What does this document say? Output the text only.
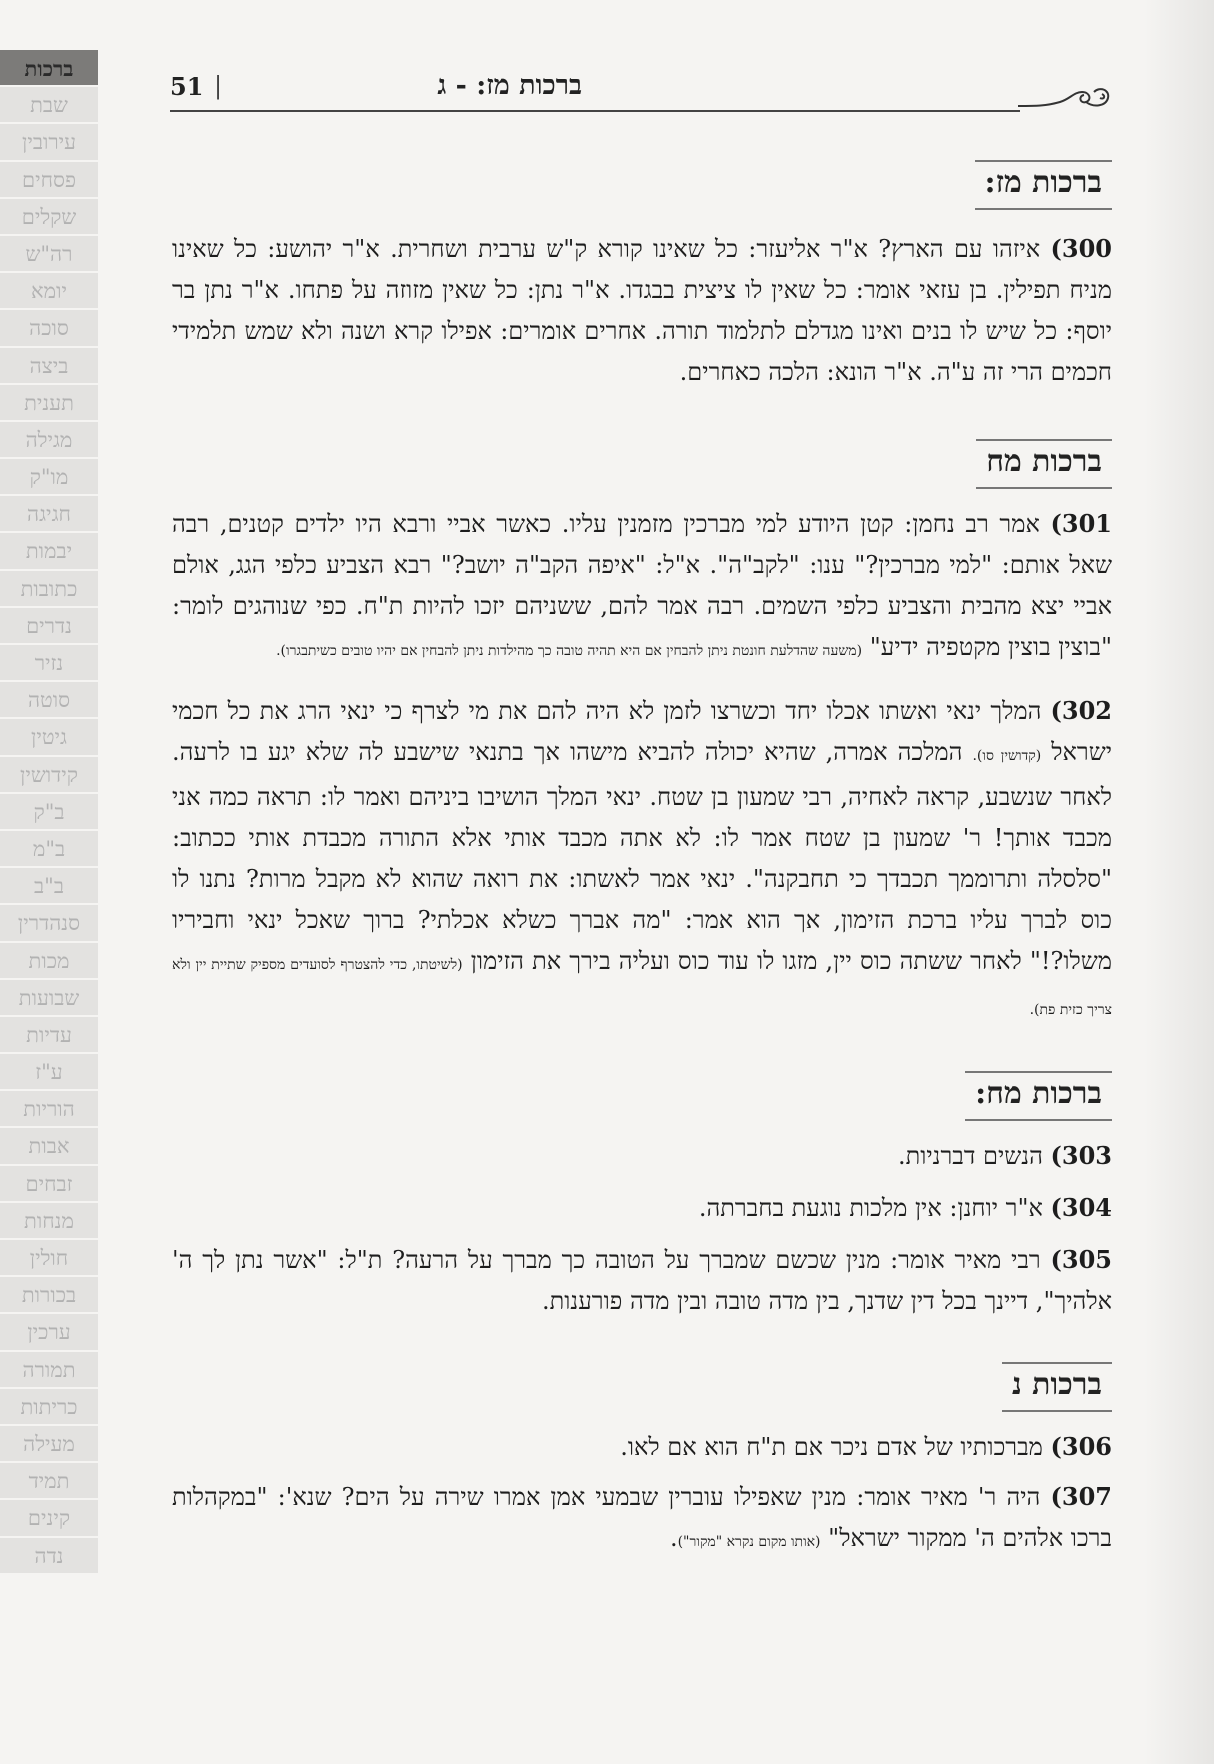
ברכות
שבת
עירובין
פסחים
שקלים
רה"ש
יומא
סוכה
ביצה
תענית
מגילה
מו"ק
חגיגה
יבמות
כתובות
נדרים
נזיר
סוטה
גיטין
קידושין
ב"ק
ב"מ
ב"ב
סנהדרין
מכות
שבועות
עדיות
ע"ז
הוריות
אבות
זבחים
מנחות
חולין
בכורות
ערכין
תמורה
כריתות
מעילה
תמיד
קינים
נדה
51 |	ברכות מז: - ג
ברכות מז:

300) איזהו עם הארץ? א"ר אליעזר: כל שאינו קורא ק"ש ערבית ושחרית. א"ר יהושע: כל שאינו מניח תפילין. בן עזאי אומר: כל שאין לו ציצית בבגדו. א"ר נתן: כל שאין מזוזה על פתחו. א"ר נתן בר יוסף: כל שיש לו בנים ואינו מגדלם לתלמוד תורה. אחרים אומרים: אפילו קרא ושנה ולא שמש תלמידי חכמים הרי זה ע"ה. א"ר הונא: הלכה כאחרים.

ברכות מח

301) אמר רב נחמן: קטן היודע למי מברכין מזמנין עליו. כאשר אביי ורבא היו ילדים קטנים, רבה שאל אותם: "למי מברכין?" ענו: "לקב"ה". א"ל: "איפה הקב"ה יושב?" רבא הצביע כלפי הגג, אולם אביי יצא מהבית והצביע כלפי השמים. רבה אמר להם, ששניהם יזכו להיות ת"ח. כפי שנוהגים לומר: "בוצין בוצין מקטפיה ידיע" (משעה שהדלעת חונטת ניתן להבחין אם היא תהיה טובה כך מהילדות ניתן להבחין אם יהיו טובים כשיתבגרו).

302) המלך ינאי ואשתו אכלו יחד וכשרצו לזמן לא היה להם את מי לצרף כי ינאי הרג את כל חכמי ישראל (קדושין סו). המלכה אמרה, שהיא יכולה להביא מישהו אך בתנאי שישבע לה שלא יגע בו לרעה. לאחר שנשבע, קראה לאחיה, רבי שמעון בן שטח. ינאי המלך הושיבו ביניהם ואמר לו: תראה כמה אני מכבד אותך! ר' שמעון בן שטח אמר לו: לא אתה מכבד אותי אלא התורה מכבדת אותי ככתוב: "סלסלה ותרוממך תכבדך כי תחבקנה". ינאי אמר לאשתו: את רואה שהוא לא מקבל מרות? נתנו לו כוס לברך עליו ברכת הזימון, אך הוא אמר: "מה אברך כשלא אכלתי? ברוך שאכל ינאי וחביריו משלו?!" לאחר ששתה כוס יין, מזגו לו עוד כוס ועליה בירך את הזימון (לשיטתו, כדי להצטרף לסועדים מספיק שתיית יין ולא צריך כזית פת).

ברכות מח:

303) הנשים דברניות.

304) א"ר יוחנן: אין מלכות נוגעת בחברתה.

305) רבי מאיר אומר: מנין שכשם שמברך על הטובה כך מברך על הרעה? ת"ל: "אשר נתן לך ה' אלהיך", דיינך בכל דין שדנך, בין מדה טובה ובין מדה פורענות.

ברכות נ

306) מברכותיו של אדם ניכר אם ת"ח הוא אם לאו.

307) היה ר' מאיר אומר: מנין שאפילו עוברין שבמעי אמן אמרו שירה על הים? שנא': "במקהלות ברכו אלהים ה' ממקור ישראל" (אותו מקום נקרא "מקור").
